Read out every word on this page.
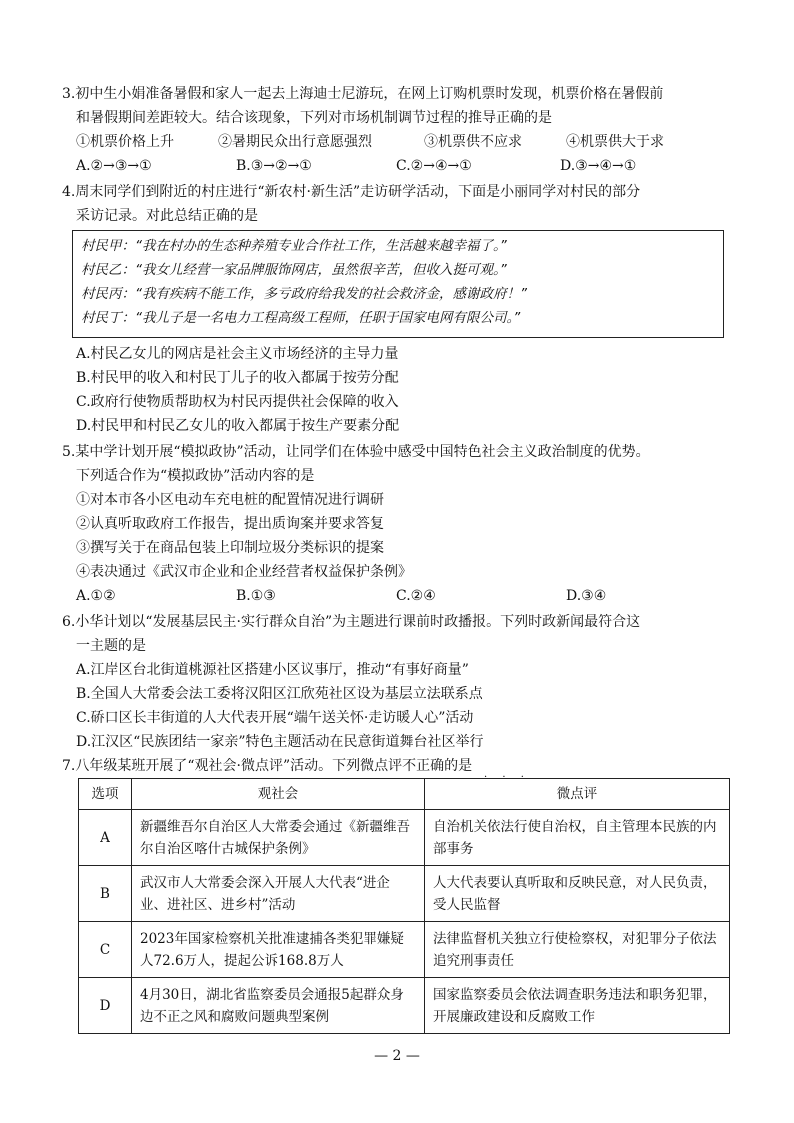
3.初中生小娟准备暑假和家人一起去上海迪士尼游玩，在网上订购机票时发现，机票价格在暑假前
和暑假期间差距较大。结合该现象，下列对市场机制调节过程的推导正确的是
①机票价格上升	②暑期民众出行意愿强烈	③机票供不应求	④机票供大于求
A.②→③→①	B.③→②→①	C.②→④→①	D.③→④→①
4.周末同学们到附近的村庄进行“新农村·新生活”走访研学活动，下面是小丽同学对村民的部分
采访记录。对此总结正确的是
村民甲：“我在村办的生态种养殖专业合作社工作，生活越来越幸福了。”
村民乙：“我女儿经营一家品牌服饰网店，虽然很辛苦，但收入挺可观。”
村民丙：“我有疾病不能工作，多亏政府给我发的社会救济金，感谢政府！”
村民丁：“我儿子是一名电力工程高级工程师，任职于国家电网有限公司。”
A.村民乙女儿的网店是社会主义市场经济的主导力量
B.村民甲的收入和村民丁儿子的收入都属于按劳分配
C.政府行使物质帮助权为村民丙提供社会保障的收入
D.村民甲和村民乙女儿的收入都属于按生产要素分配
5.某中学计划开展“模拟政协”活动，让同学们在体验中感受中国特色社会主义政治制度的优势。
下列适合作为“模拟政协”活动内容的是
①对本市各小区电动车充电桩的配置情况进行调研
②认真听取政府工作报告，提出质询案并要求答复
③撰写关于在商品包装上印制垃圾分类标识的提案
④表决通过《武汉市企业和企业经营者权益保护条例》
A.①②	B.①③	C.②④	D.③④
6.小华计划以“发展基层民主·实行群众自治”为主题进行课前时政播报。下列时政新闻最符合这
一主题的是
A.江岸区台北街道桃源社区搭建小区议事厅，推动“有事好商量”
B.全国人大常委会法工委将汉阳区江欣苑社区设为基层立法联系点
C.硚口区长丰街道的人大代表开展“端午送关怀·走访暖人心”活动
D.江汉区“民族团结一家亲”特色主题活动在民意街道舞台社区举行
7.八年级某班开展了“观社会·微点评”活动。下列微点评不正确的是
· · ·
选项	观社会	微点评
A	新疆维吾尔自治区人大常委会通过《新疆维吾尔自治区喀什古城保护条例》	自治机关依法行使自治权，自主管理本民族的内部事务
B	武汉市人大常委会深入开展人大代表“进企业、进社区、进乡村”活动	人大代表要认真听取和反映民意，对人民负责，受人民监督
C	2023年国家检察机关批准逮捕各类犯罪嫌疑人72.6万人，提起公诉168.8万人	法律监督机关独立行使检察权，对犯罪分子依法追究刑事责任
D	4月30日，湖北省监察委员会通报5起群众身边不正之风和腐败问题典型案例	国家监察委员会依法调查职务违法和职务犯罪，开展廉政建设和反腐败工作
— 2 —
